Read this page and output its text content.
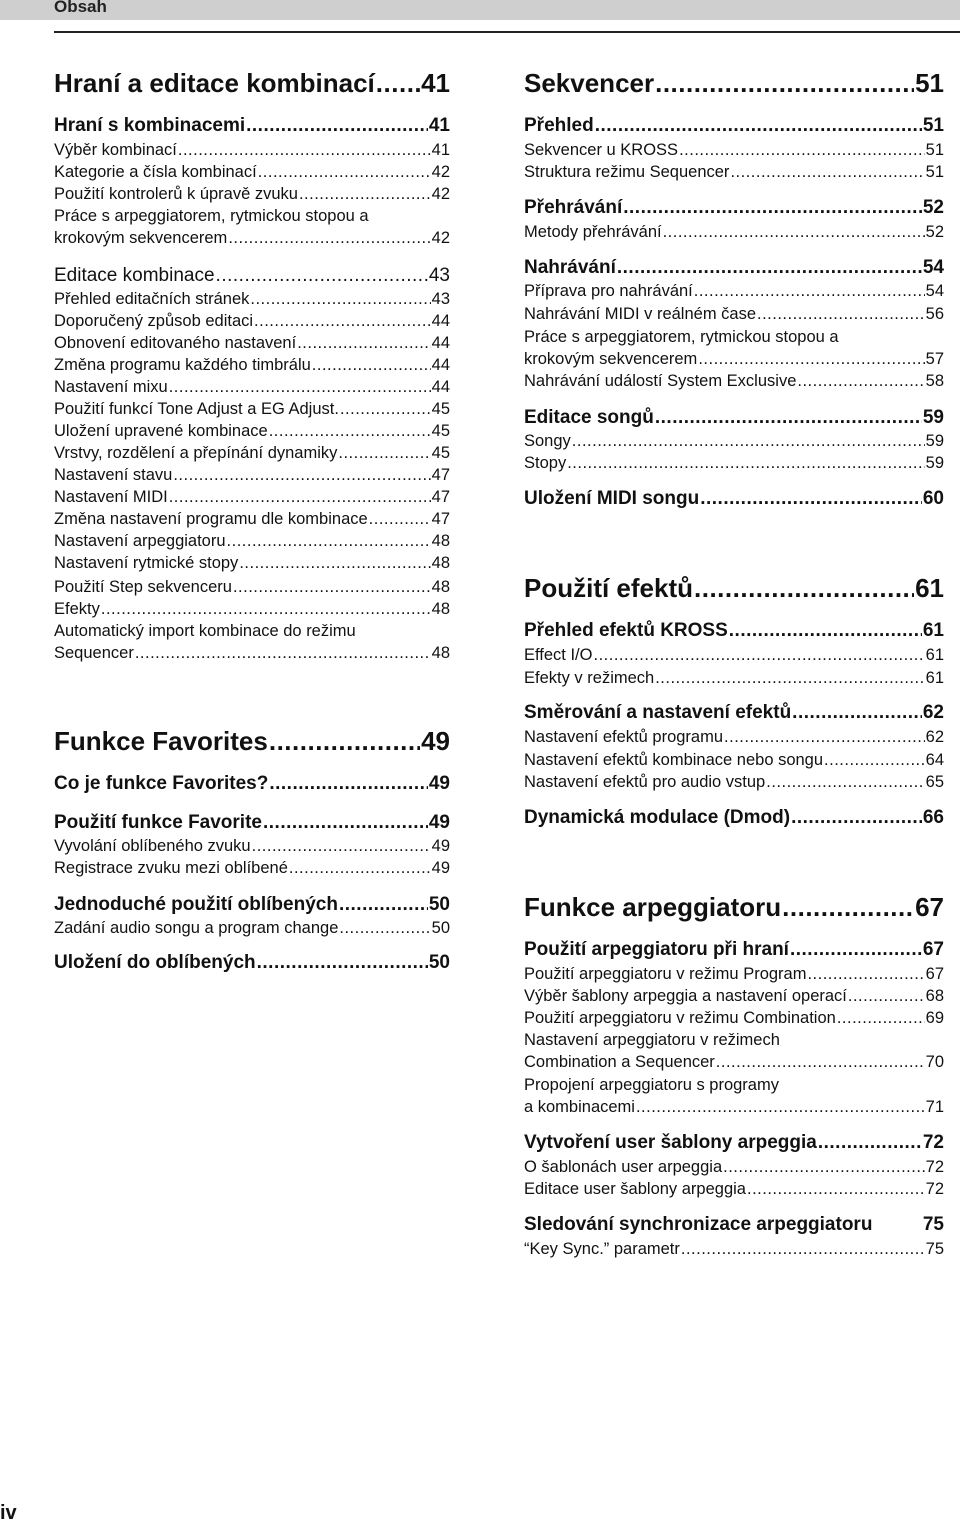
Obsah
Hraní a editace kombinací ..... 41
Hraní s kombinacemi .....	41
Výběr kombinací .....	41
Kategorie a čísla kombinací .....	42
Použití kontrolerů k úpravě zvuku .....	42
Práce s arpeggiatorem, rytmickou stopou a
krokovým sekvencerem .....	42
Editace kombinace .....	43
Přehled editačních stránek .....	43
Doporučený způsob editaci .....	44
Obnovení editovaného nastavení .....	44
Změna programu každého timbrálu .....	44
Nastavení mixu .....	44
Použití funkcí Tone Adjust a EG Adjust. .....	45
Uložení upravené kombinace .....	45
Vrstvy, rozdělení a přepínání dynamiky .....	45
Nastavení stavu .....	47
Nastavení MIDI .....	47
Změna nastavení programu dle kombinace .....	47
Nastavení arpeggiatoru .....	48
Nastavení rytmické stopy .....	48
Použití Step sekvenceru .....	48
Efekty .....	48
Automatický import kombinace do režimu
Sequencer .....	48
Funkce Favorites .....	49
Co je funkce Favorites? .....	49
Použití funkce Favorite .....	49
Vyvolání oblíbeného zvuku .....	49
Registrace zvuku mezi oblíbené .....	49
Jednoduché použití oblíbených .....	50
Zadání audio songu a program change .....	50
Uložení do oblíbených .....	50
Sekvencer .....	51
Přehled .....	51
Sekvencer u KROSS .....	51
Struktura režimu Sequencer .....	51
Přehrávání .....	52
Metody přehrávání .....	52
Nahrávání .....	54
Příprava pro nahrávání .....	54
Nahrávání MIDI v reálném čase .....	56
Práce s arpeggiatorem, rytmickou stopou a
krokovým sekvencerem .....	57
Nahrávání událostí System Exclusive .....	58
Editace songů .....	59
Songy .....	59
Stopy .....	59
Uložení MIDI songu .....	60
Použití efektů .....	61
Přehled efektů KROSS .....	61
Effect I/O .....	61
Efekty v režimech .....	61
Směrování a nastavení efektů .....	62
Nastavení efektů programu .....	62
Nastavení efektů kombinace nebo songu .....	64
Nastavení efektů pro audio vstup .....	65
Dynamická modulace (Dmod) .....	66
Funkce arpeggiatoru .....	67
Použití arpeggiatoru při hraní .....	67
Použití arpeggiatoru v režimu Program .....	67
Výběr šablony arpeggia a nastavení operací .....	68
Použití arpeggiatoru v režimu Combination .....	69
Nastavení arpeggiatoru v režimech
Combination a Sequencer .....	70
Propojení arpeggiatoru s programy
a kombinacemi .....	71
Vytvoření user šablony arpeggia .....	72
O šablonách user arpeggia .....	72
Editace user šablony arpeggia .....	72
Sledování synchronizace arpeggiatoru	75
“Key Sync.” parametr .....	75
iv
